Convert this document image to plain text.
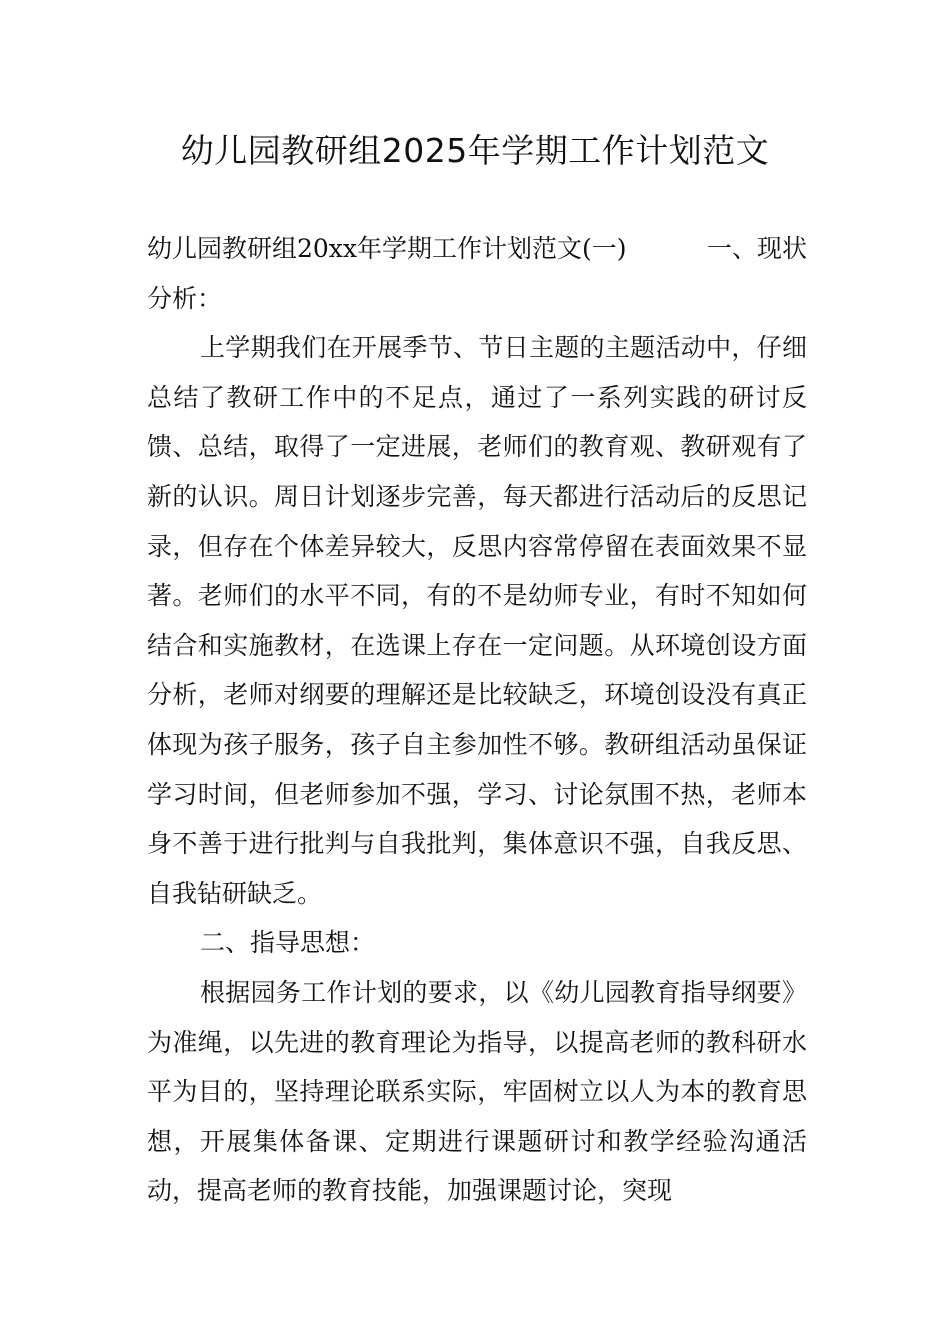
幼儿园教研组2025年学期工作计划范文

幼儿园教研组20xx年学期工作计划范文(一)	一、现状

分析：

上学期我们在开展季节、节日主题的主题活动中，仔细总结了教研工作中的不足点，通过了一系列实践的研讨反馈、总结，取得了一定进展，老师们的教育观、教研观有了新的认识。周日计划逐步完善，每天都进行活动后的反思记录，但存在个体差异较大，反思内容常停留在表面效果不显著。老师们的水平不同，有的不是幼师专业，有时不知如何结合和实施教材，在选课上存在一定问题。从环境创设方面分析，老师对纲要的理解还是比较缺乏，环境创设没有真正体现为孩子服务，孩子自主参加性不够。教研组活动虽保证学习时间，但老师参加不强，学习、讨论氛围不热，老师本身不善于进行批判与自我批判，集体意识不强，自我反思、自我钻研缺乏。

二、指导思想：

根据园务工作计划的要求，以《幼儿园教育指导纲要》为准绳，以先进的教育理论为指导，以提高老师的教科研水平为目的，坚持理论联系实际，牢固树立以人为本的教育思想，开展集体备课、定期进行课题研讨和教学经验沟通活动，提高老师的教育技能，加强课题讨论，突现
